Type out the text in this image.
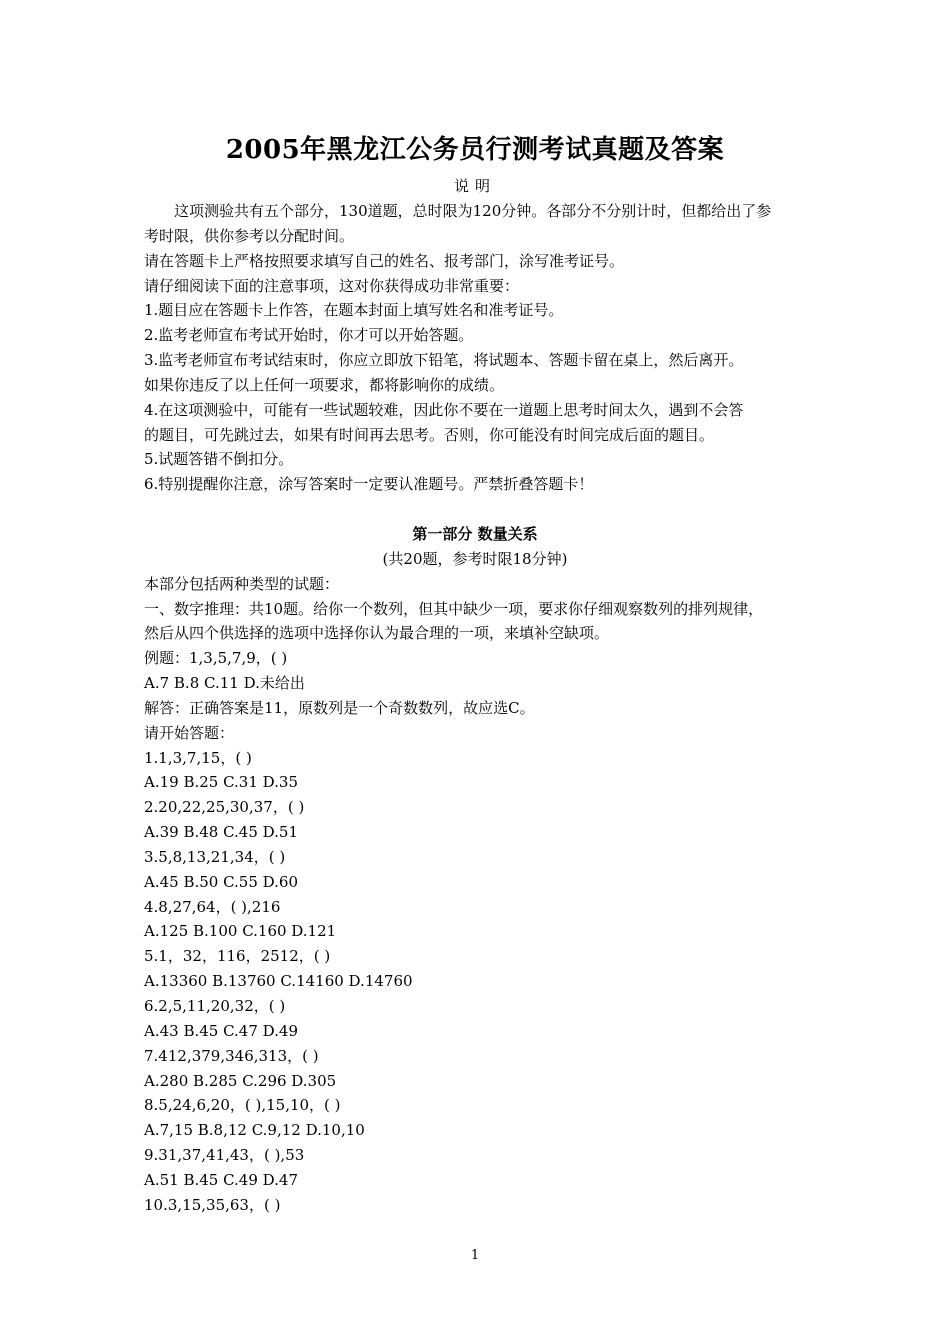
2005年黑龙江公务员行测考试真题及答案
说明
这项测验共有五个部分，130道题，总时限为120分钟。各部分不分别计时，但都给出了参
考时限，供你参考以分配时间。
请在答题卡上严格按照要求填写自己的姓名、报考部门，涂写准考证号。
请仔细阅读下面的注意事项，这对你获得成功非常重要：
1.题目应在答题卡上作答，在题本封面上填写姓名和准考证号。
2.监考老师宣布考试开始时，你才可以开始答题。
3.监考老师宣布考试结束时，你应立即放下铅笔，将试题本、答题卡留在桌上，然后离开。
如果你违反了以上任何一项要求，都将影响你的成绩。
4.在这项测验中，可能有一些试题较难，因此你不要在一道题上思考时间太久，遇到不会答
的题目，可先跳过去，如果有时间再去思考。否则，你可能没有时间完成后面的题目。
5.试题答错不倒扣分。
6.特别提醒你注意，涂写答案时一定要认准题号。严禁折叠答题卡！
第一部分 数量关系
(共20题，参考时限18分钟)
本部分包括两种类型的试题：
一、数字推理：共10题。给你一个数列，但其中缺少一项，要求你仔细观察数列的排列规律，
然后从四个供选择的选项中选择你认为最合理的一项，来填补空缺项。
例题：1,3,5,7,9，( )
A.7 B.8 C.11 D.未给出
解答：正确答案是11，原数列是一个奇数数列，故应选C。
请开始答题：
1.1,3,7,15，( )
A.19 B.25 C.31 D.35
2.20,22,25,30,37，( )
A.39 B.48 C.45 D.51
3.5,8,13,21,34，( )
A.45 B.50 C.55 D.60
4.8,27,64，( ),216
A.125 B.100 C.160 D.121
5.1，32，116，2512，( )
A.13360 B.13760 C.14160 D.14760
6.2,5,11,20,32，( )
A.43 B.45 C.47 D.49
7.412,379,346,313，( )
A.280 B.285 C.296 D.305
8.5,24,6,20，( ),15,10，( )
A.7,15 B.8,12 C.9,12 D.10,10
9.31,37,41,43，( ),53
A.51 B.45 C.49 D.47
10.3,15,35,63，( )
1
